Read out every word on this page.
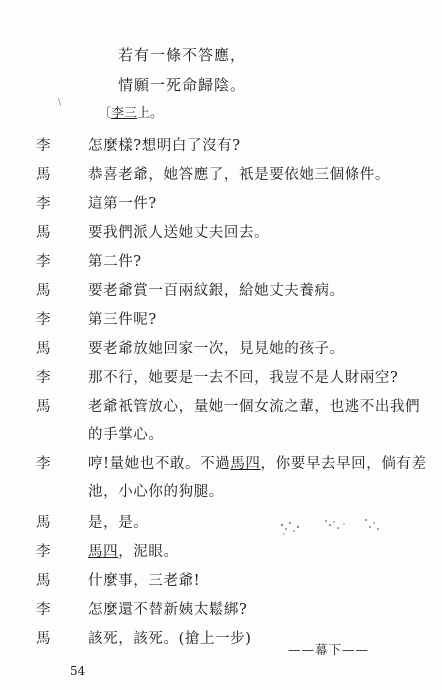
\
若有一條不答應，
情願一死命歸陰。
〔李三上。
李	怎麼樣?想明白了沒有?
馬	恭喜老爺，她答應了，祇是要依她三個條件。
李	這第一件?
馬	要我們派人送她丈夫回去。
李	第二件?
馬	要老爺賞一百兩紋銀，給她丈夫養病。
李	第三件呢?
馬	要老爺放她回家一次，見見她的孩子。
李	那不行，她要是一去不回，我豈不是人財兩空?
馬	老爺祇管放心，量她一個女流之輩，也逃不出我們
的手掌心。
李	哼!量她也不敢。不過馬四，你要早去早回，倘有差
池，小心你的狗腿。
馬	是，是。
李	馬四，泥眼。
馬	什麼事，三老爺!
李	怎麼還不替新姨太鬆綁?
馬	該死，該死。(搶上一步)
——幕下——
54
